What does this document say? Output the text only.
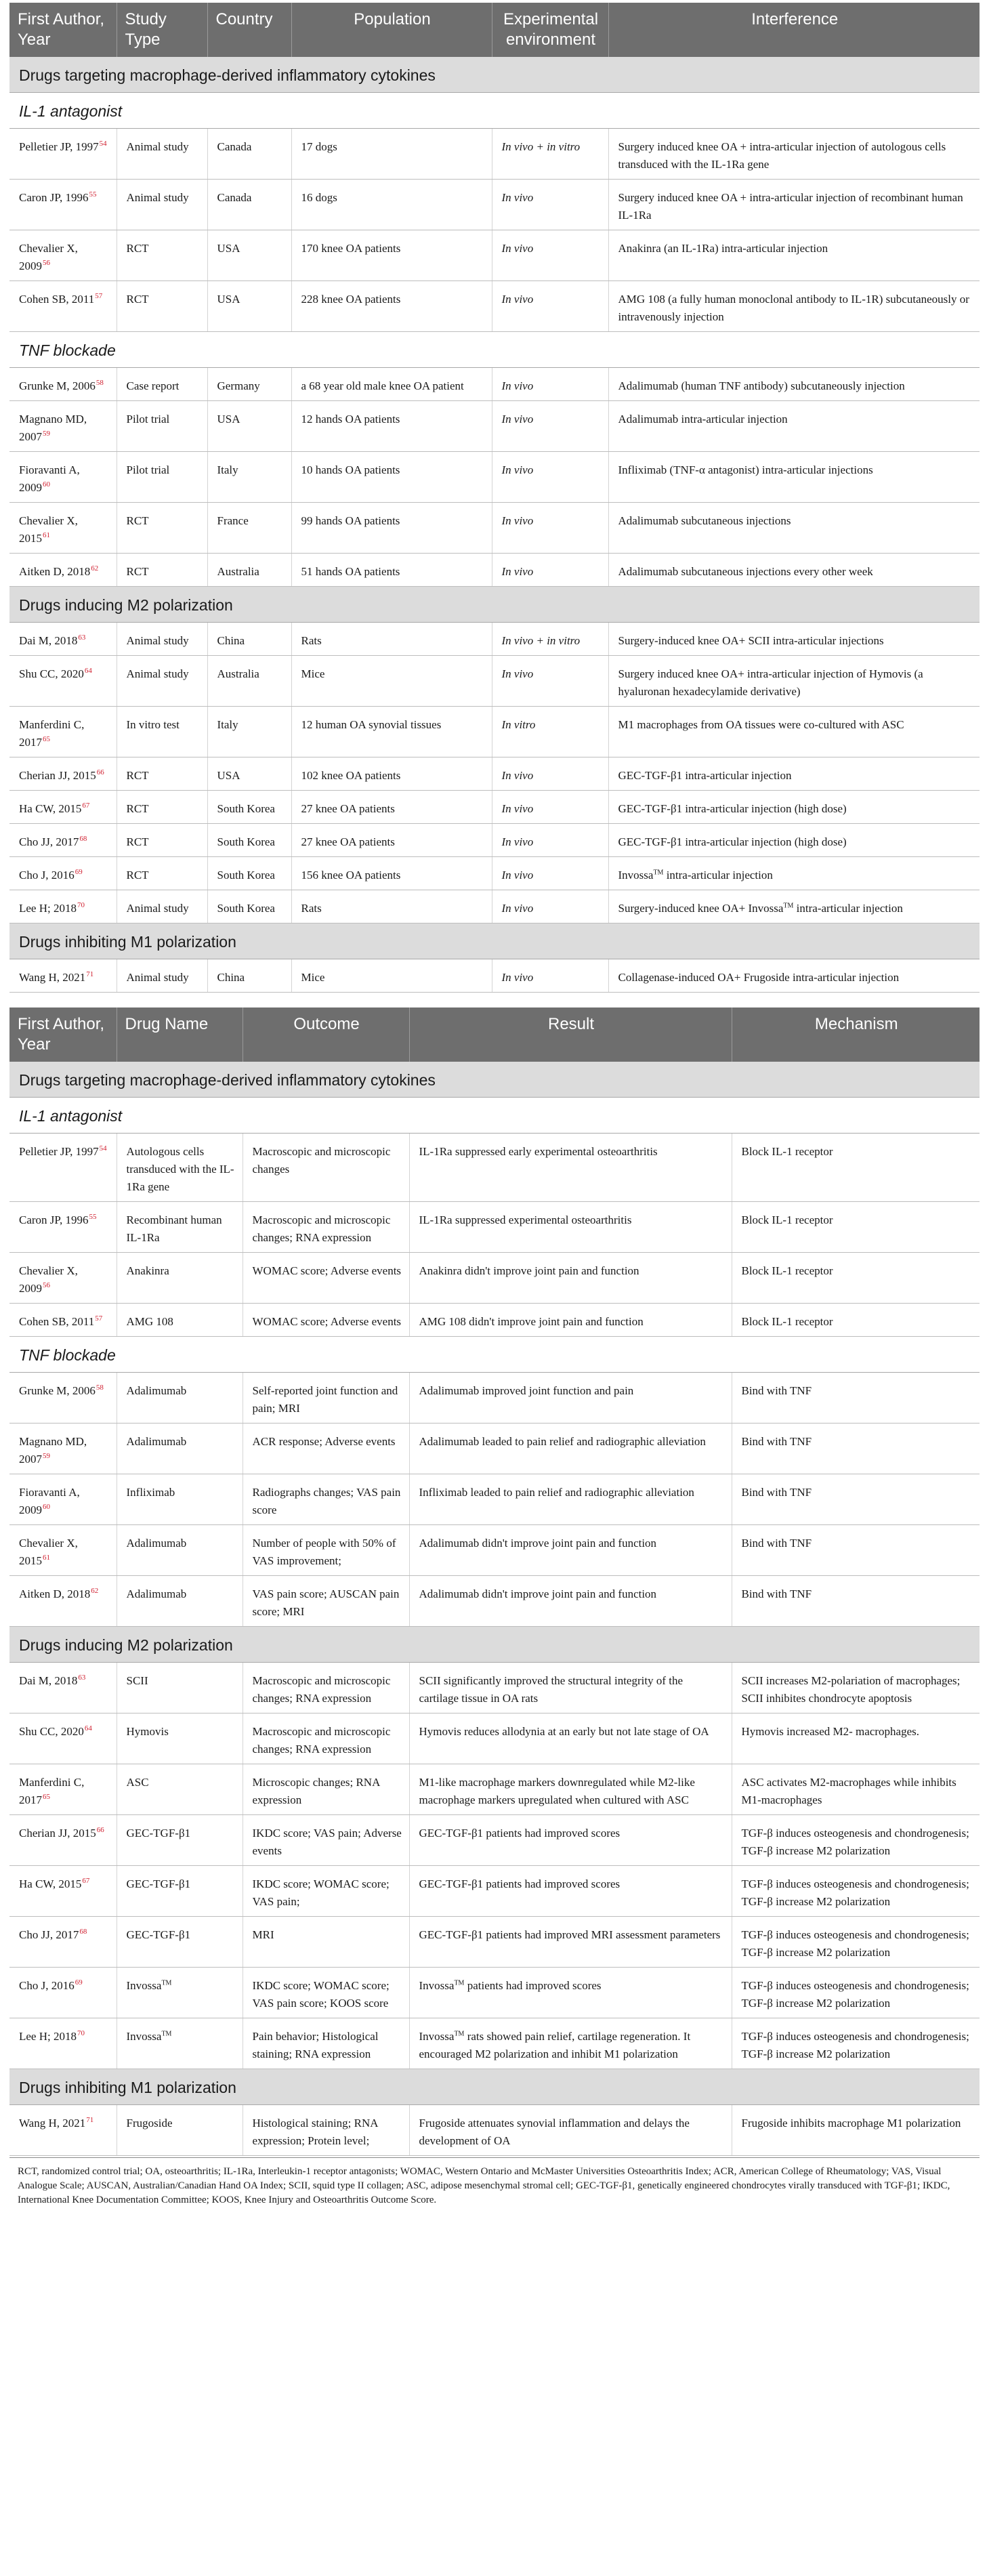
First Author, Year	Study Type	Country	Population	Experimental environment	Interference
Drugs targeting macrophage-derived inflammatory cytokines					
IL-1 antagonist					
Pelletier JP, 1997$^{54}$	Animal study	Canada	17 dogs	In vivo + in vitro	Surgery induced knee OA + intra-articular injection of autologous cells transduced with the IL-1Ra gene
Caron JP, 1996$^{55}$	Animal study	Canada	16 dogs	In vivo	Surgery induced knee OA + intra-articular injection of recombinant human IL-1Ra
Chevalier X, 2009$^{56}$	RCT	USA	170 knee OA patients	In vivo	Anakinra (an IL-1Ra) intra-articular injection
Cohen SB, 2011$^{57}$	RCT	USA	228 knee OA patients	In vivo	AMG 108 (a fully human monoclonal antibody to IL-1R) subcutaneously or intravenously injection
TNF blockade					
Grunke M, 2006$^{58}$	Case report	Germany	a 68 year old male knee OA patient	In vivo	Adalimumab (human TNF antibody) subcutaneously injection
Magnano MD, 2007$^{59}$	Pilot trial	USA	12 hands OA patients	In vivo	Adalimumab intra-articular injection
Fioravanti A, 2009$^{60}$	Pilot trial	Italy	10 hands OA patients	In vivo	Infliximab (TNF-α antagonist) intra-articular injections
Chevalier X, 2015$^{61}$	RCT	France	99 hands OA patients	In vivo	Adalimumab subcutaneous injections
Aitken D, 2018$^{62}$	RCT	Australia	51 hands OA patients	In vivo	Adalimumab subcutaneous injections every other week
Drugs inducing M2 polarization					
Dai M, 2018$^{63}$	Animal study	China	Rats	In vivo + in vitro	Surgery-induced knee OA+ SCII intra-articular injections
Shu CC, 2020$^{64}$	Animal study	Australia	Mice	In vivo	Surgery induced knee OA+ intra-articular injection of Hymovis (a hyaluronan hexadecylamide derivative)
Manferdini C, 2017$^{65}$	In vitro test	Italy	12 human OA synovial tissues	In vitro	M1 macrophages from OA tissues were co-cultured with ASC
Cherian JJ, 2015$^{66}$	RCT	USA	102 knee OA patients	In vivo	GEC-TGF-β1 intra-articular injection
Ha CW, 2015$^{67}$	RCT	South Korea	27 knee OA patients	In vivo	GEC-TGF-β1 intra-articular injection (high dose)
Cho JJ, 2017$^{68}$	RCT	South Korea	27 knee OA patients	In vivo	GEC-TGF-β1 intra-articular injection (high dose)
Cho J, 2016$^{69}$	RCT	South Korea	156 knee OA patients	In vivo	Invossa™ intra-articular injection
Lee H; 2018$^{70}$	Animal study	South Korea	Rats	In vivo	Surgery-induced knee OA+ Invossa™ intra-articular injection
Drugs inhibiting M1 polarization					
Wang H, 2021$^{71}$	Animal study	China	Mice	In vivo	Collagenase-induced OA+ Frugoside intra-articular injection
First Author, Year	Drug Name	Outcome	Result	Mechanism
Drugs targeting macrophage-derived inflammatory cytokines				
IL-1 antagonist				
Pelletier JP, 1997$^{54}$	Autologous cells transduced with the IL-1Ra gene	Macroscopic and microscopic changes	IL-1Ra suppressed early experimental osteoarthritis	Block IL-1 receptor
Caron JP, 1996$^{55}$	Recombinant human IL-1Ra	Macroscopic and microscopic changes; RNA expression	IL-1Ra suppressed experimental osteoarthritis	Block IL-1 receptor
Chevalier X, 2009$^{56}$	Anakinra	WOMAC score; Adverse events	Anakinra didn't improve joint pain and function	Block IL-1 receptor
Cohen SB, 2011$^{57}$	AMG 108	WOMAC score; Adverse events	AMG 108 didn't improve joint pain and function	Block IL-1 receptor
TNF blockade				
Grunke M, 2006$^{58}$	Adalimumab	Self-reported joint function and pain; MRI	Adalimumab improved joint function and pain	Bind with TNF
Magnano MD, 2007$^{59}$	Adalimumab	ACR response; Adverse events	Adalimumab leaded to pain relief and radiographic alleviation	Bind with TNF
Fioravanti A, 2009$^{60}$	Infliximab	Radiographs changes; VAS pain score	Infliximab leaded to pain relief and radiographic alleviation	Bind with TNF
Chevalier X, 2015$^{61}$	Adalimumab	Number of people with 50% of VAS improvement;	Adalimumab didn't improve joint pain and function	Bind with TNF
Aitken D, 2018$^{62}$	Adalimumab	VAS pain score; AUSCAN pain score; MRI	Adalimumab didn't improve joint pain and function	Bind with TNF
Drugs inducing M2 polarization				
Dai M, 2018$^{63}$	SCII	Macroscopic and microscopic changes; RNA expression	SCII significantly improved the structural integrity of the cartilage tissue in OA rats	SCII increases M2-polariation of macrophages; SCII inhibites chondrocyte apoptosis
Shu CC, 2020$^{64}$	Hymovis	Macroscopic and microscopic changes; RNA expression	Hymovis reduces allodynia at an early but not late stage of OA	Hymovis increased M2- macrophages.
Manferdini C, 2017$^{65}$	ASC	Microscopic changes; RNA expression	M1-like macrophage markers downregulated while M2-like macrophage markers upregulated when cultured with ASC	ASC activates M2-macrophages while inhibits M1-macrophages
Cherian JJ, 2015$^{66}$	GEC-TGF-β1	IKDC score; VAS pain; Adverse events	GEC-TGF-β1 patients had improved scores	TGF-β induces osteogenesis and chondrogenesis; TGF-β increase M2 polarization
Ha CW, 2015$^{67}$	GEC-TGF-β1	IKDC score; WOMAC score; VAS pain;	GEC-TGF-β1 patients had improved scores	TGF-β induces osteogenesis and chondrogenesis; TGF-β increase M2 polarization
Cho JJ, 2017$^{68}$	GEC-TGF-β1	MRI	GEC-TGF-β1 patients had improved MRI assessment parameters	TGF-β induces osteogenesis and chondrogenesis; TGF-β increase M2 polarization
Cho J, 2016$^{69}$	Invossa™	IKDC score; WOMAC score; VAS pain score; KOOS score	Invossa™ patients had improved scores	TGF-β induces osteogenesis and chondrogenesis; TGF-β increase M2 polarization
Lee H; 2018$^{70}$	Invossa™	Pain behavior; Histological staining; RNA expression	Invossa™ rats showed pain relief, cartilage regeneration. It encouraged M2 polarization and inhibit M1 polarization	TGF-β induces osteogenesis and chondrogenesis; TGF-β increase M2 polarization
Drugs inhibiting M1 polarization				
Wang H, 2021$^{71}$	Frugoside	Histological staining; RNA expression; Protein level;	Frugoside attenuates synovial inflammation and delays the development of OA	Frugoside inhibits macrophage M1 polarization
RCT, randomized control trial; OA, osteoarthritis; IL-1Ra, Interleukin-1 receptor antagonists; WOMAC, Western Ontario and McMaster Universities Osteoarthritis Index; ACR, American College of Rheumatology; VAS, Visual Analogue Scale; AUSCAN, Australian/Canadian Hand OA Index; SCII, squid type II collagen; ASC, adipose mesenchymal stromal cell; GEC-TGF-β1, genetically engineered chondrocytes virally transduced with TGF-β1; IKDC, International Knee Documentation Committee; KOOS, Knee Injury and Osteoarthritis Outcome Score.
